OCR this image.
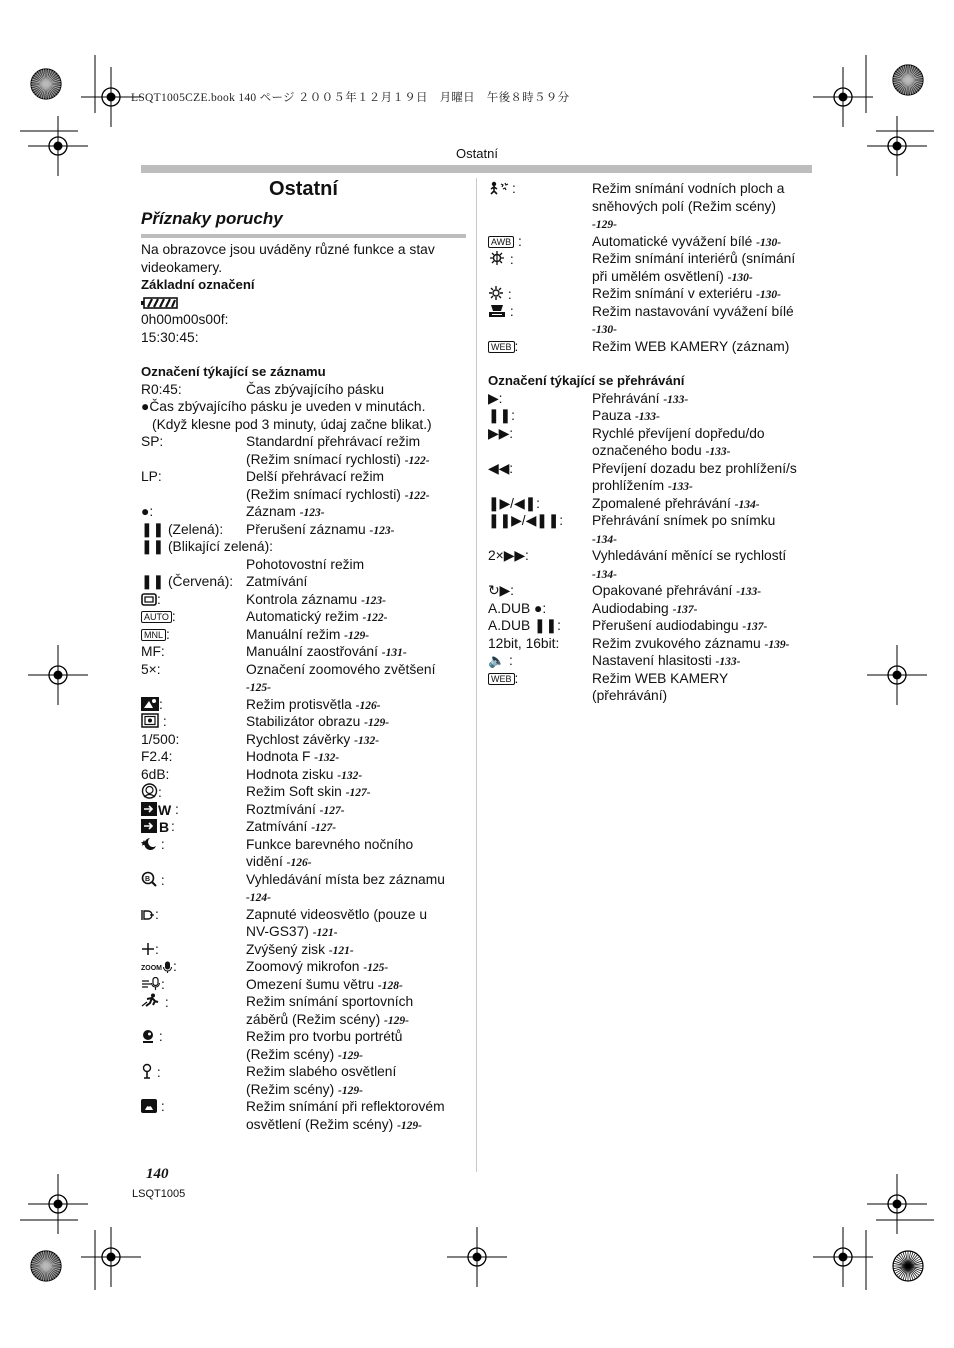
LSQT1005CZE.book 140 ページ ２００５年１２月１９日　月曜日　午後８時５９分
Ostatní
Ostatní
Příznaky poruchy
Na obrazovce jsou uváděny různé funkce a stav
videokamery.
Základní označení
0h00m00s00f:
15:30:45:
Označení týkající se záznamu
R0:45:	Čas zbývajícího pásku
●Čas zbývajícího pásku je uveden v minutách.
(Když klesne pod 3 minuty, údaj začne blikat.)
SP:	Standardní přehrávací režim
(Režim snímací rychlosti) -122-
LP:	Delší přehrávací režim
(Režim snímací rychlosti) -122-
●:	Záznam -123-
❚❚ (Zelená): Přerušení záznamu -123-
❚❚ (Blikající zelená):
Pohotovostní režim
❚❚ (Červená): Zatmívání
:	Kontrola záznamu -123-
AUTO :	Automatický režim -122-
MNL :	Manuální režim -129-
MF:	Manuální zaostřování -131-
5×:	Označení zoomového zvětšení
-125-
:	Režim protisvětla -126-
:	Stabilizátor obrazu -129-
1/500:	Rychlost závěrky -132-
F2.4:	Hodnota F -132-
6dB:	Hodnota zisku -132-
:	Režim Soft skin -127-
W :	Roztmívání -127-
B :	Zatmívání -127-
:	Funkce barevného nočního
vidění -126-
B :	Vyhledávání místa bez záznamu
-124-
:	Zapnuté videosvětlo (pouze u
NV-GS37) -121-
:	Zvýšený zisk -121-
ZOOM :	Zoomový mikrofon -125-
:	Omezení šumu větru -128-
:	Režim snímání sportovních
záběrů (Režim scény) -129-
:	Režim pro tvorbu portrétů
(Režim scény) -129-
:	Režim slabého osvětlení
(Režim scény) -129-
:	Režim snímání při reflektorovém
osvětlení (Režim scény) -129-
:	Režim snímání vodních ploch a
sněhových polí (Režim scény)
-129-
AWB :	Automatické vyvážení bílé -130-
:	Režim snímání interiérů (snímání
při umělém osvětlení) -130-
:	Režim snímání v exteriéru -130-
:	Režim nastavování vyvážení bílé
-130-
WEB :	Režim WEB KAMERY (záznam)
Označení týkající se přehrávání
▶:	Přehrávání -133-
❚❚:	Pauza -133-
▶▶:	Rychlé převíjení dopředu/do
označeného bodu -133-
◀◀:	Převíjení dozadu bez prohlížení/s
prohlížením -133-
❚▶/◀❚:	Zpomalené přehrávání -134-
❚❚▶/◀❚❚: Přehrávání snímek po snímku
-134-
2×▶▶:	Vyhledávání měnící se rychlostí
-134-
↻▶:	Opakované přehrávání -133-
A.DUB ●:	Audiodabing -137-
A.DUB ❚❚: Přerušení audiodabingu -137-
12bit, 16bit: Režim zvukového záznamu -139-
🔈 :	Nastavení hlasitosti -133-
WEB :	Režim WEB KAMERY
(přehrávání)
140
LSQT1005
